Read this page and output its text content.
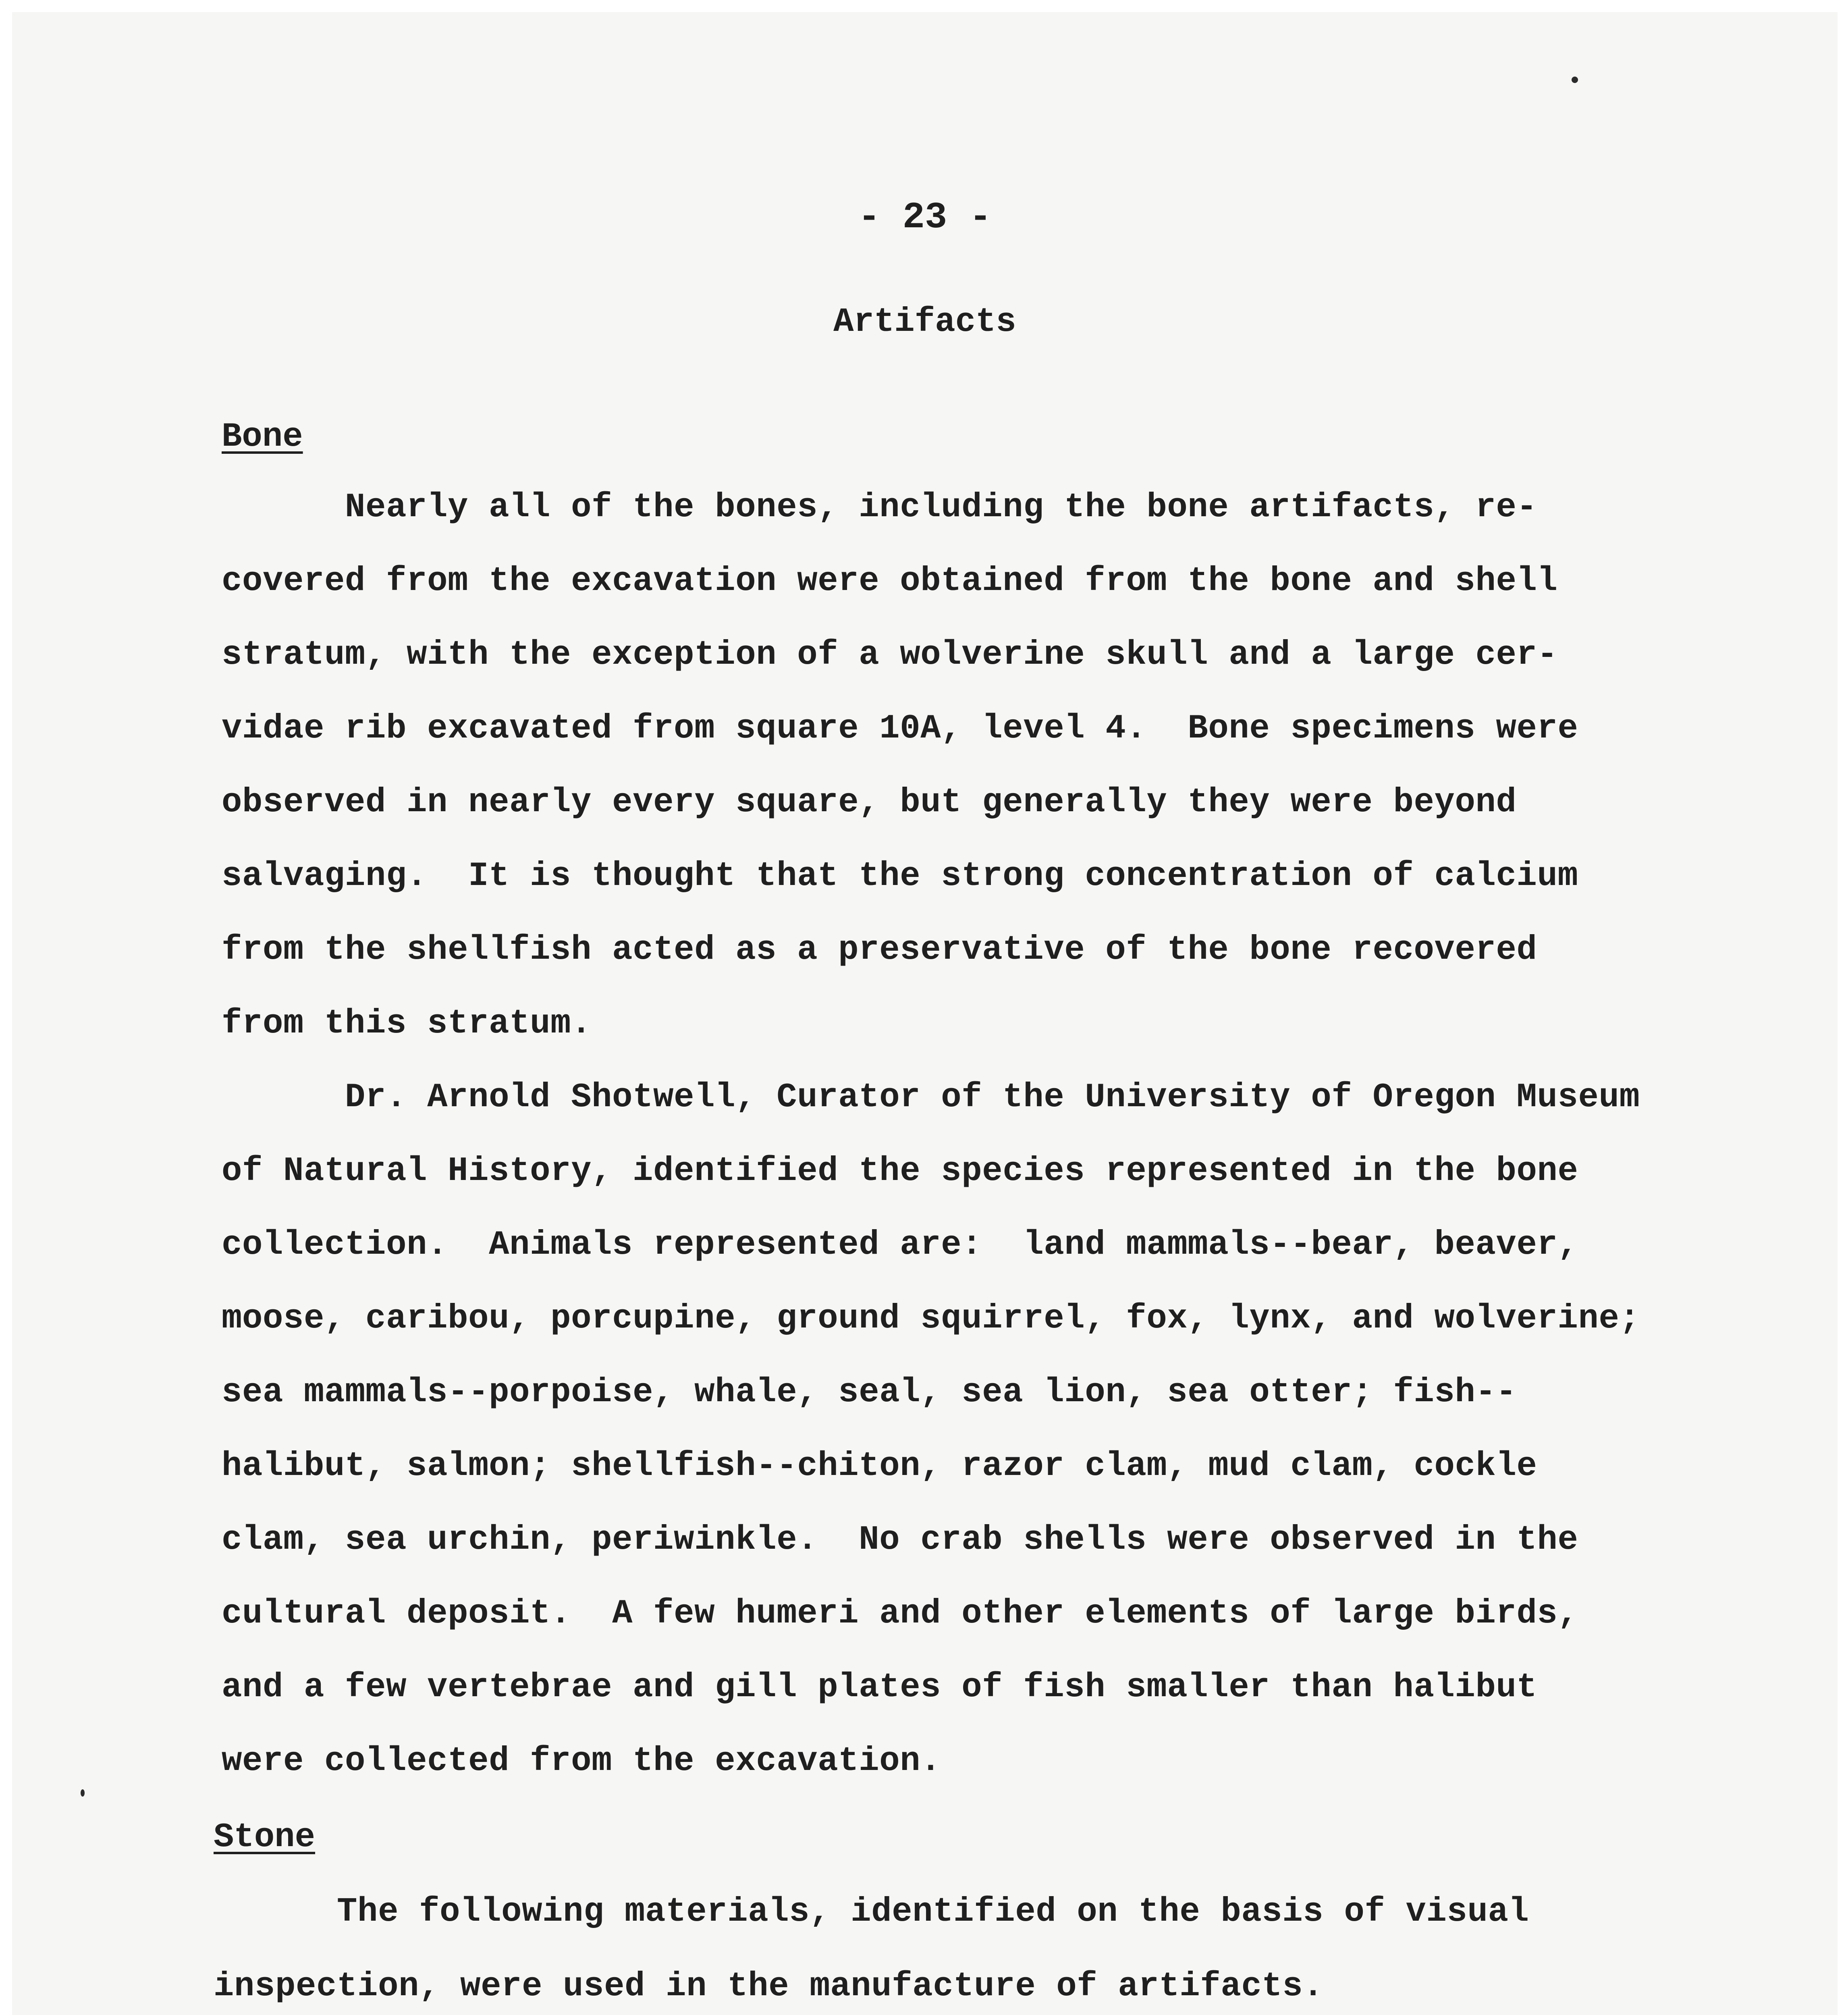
- 23 -
Artifacts
Bone
Nearly all of the bones, including the bone artifacts, re-
covered from the excavation were obtained from the bone and shell
stratum, with the exception of a wolverine skull and a large cer-
vidae rib excavated from square 10A, level 4.  Bone specimens were
observed in nearly every square, but generally they were beyond
salvaging.  It is thought that the strong concentration of calcium
from the shellfish acted as a preservative of the bone recovered
from this stratum.
Dr. Arnold Shotwell, Curator of the University of Oregon Museum
of Natural History, identified the species represented in the bone
collection.  Animals represented are:  land mammals--bear, beaver,
moose, caribou, porcupine, ground squirrel, fox, lynx, and wolverine;
sea mammals--porpoise, whale, seal, sea lion, sea otter; fish--
halibut, salmon; shellfish--chiton, razor clam, mud clam, cockle
clam, sea urchin, periwinkle.  No crab shells were observed in the
cultural deposit.  A few humeri and other elements of large birds,
and a few vertebrae and gill plates of fish smaller than halibut
were collected from the excavation.
Stone
The following materials, identified on the basis of visual
inspection, were used in the manufacture of artifacts.
